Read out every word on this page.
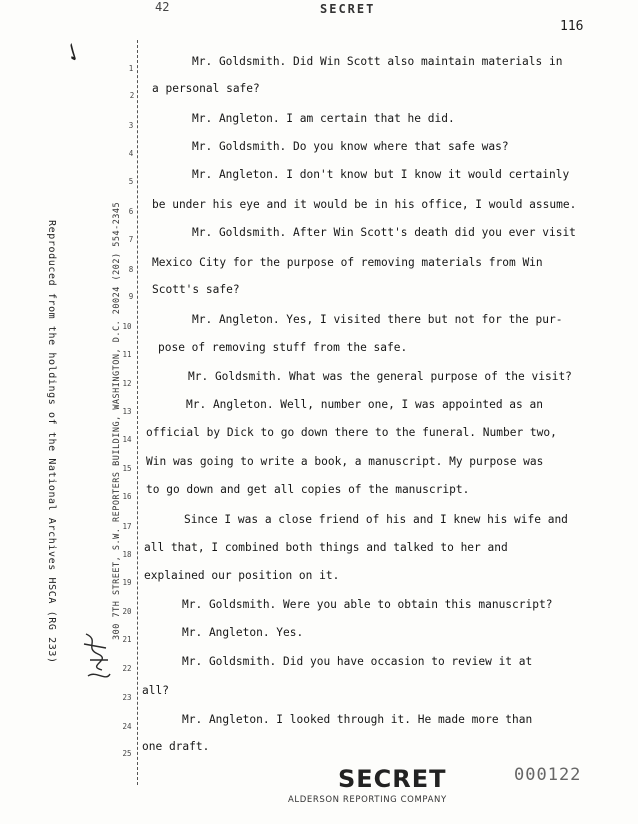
42	SECRET
116
✓
Reproduced from the holdings of the National Archives HSCA (RG 233)	300 7TH STREET, S.W. REPORTERS BUILDING, WASHINGTON, D.C. 20024 (202) 554-2345
1
2
3
4
5
6
7
8
9
10
11
12
13
14
15
16
17
18
19
20
21
22
23
24
25
Mr. Goldsmith. Did Win Scott also maintain materials in
a personal safe?
Mr. Angleton. I am certain that he did.
Mr. Goldsmith. Do you know where that safe was?
Mr. Angleton. I don't know but I know it would certainly
be under his eye and it would be in his office, I would assume.
Mr. Goldsmith. After Win Scott's death did you ever visit
Mexico City for the purpose of removing materials from Win
Scott's safe?
Mr. Angleton. Yes, I visited there but not for the pur-
pose of removing stuff from the safe.
Mr. Goldsmith. What was the general purpose of the visit?
Mr. Angleton. Well, number one, I was appointed as an
official by Dick to go down there to the funeral. Number two,
Win was going to write a book, a manuscript. My purpose was
to go down and get all copies of the manuscript.
Since I was a close friend of his and I knew his wife and
all that, I combined both things and talked to her and
explained our position on it.
Mr. Goldsmith. Were you able to obtain this manuscript?
Mr. Angleton. Yes.
Mr. Goldsmith. Did you have occasion to review it at
all?
Mr. Angleton. I looked through it. He made more than
one draft.
SECRET
ALDERSON REPORTING COMPANY
000122
